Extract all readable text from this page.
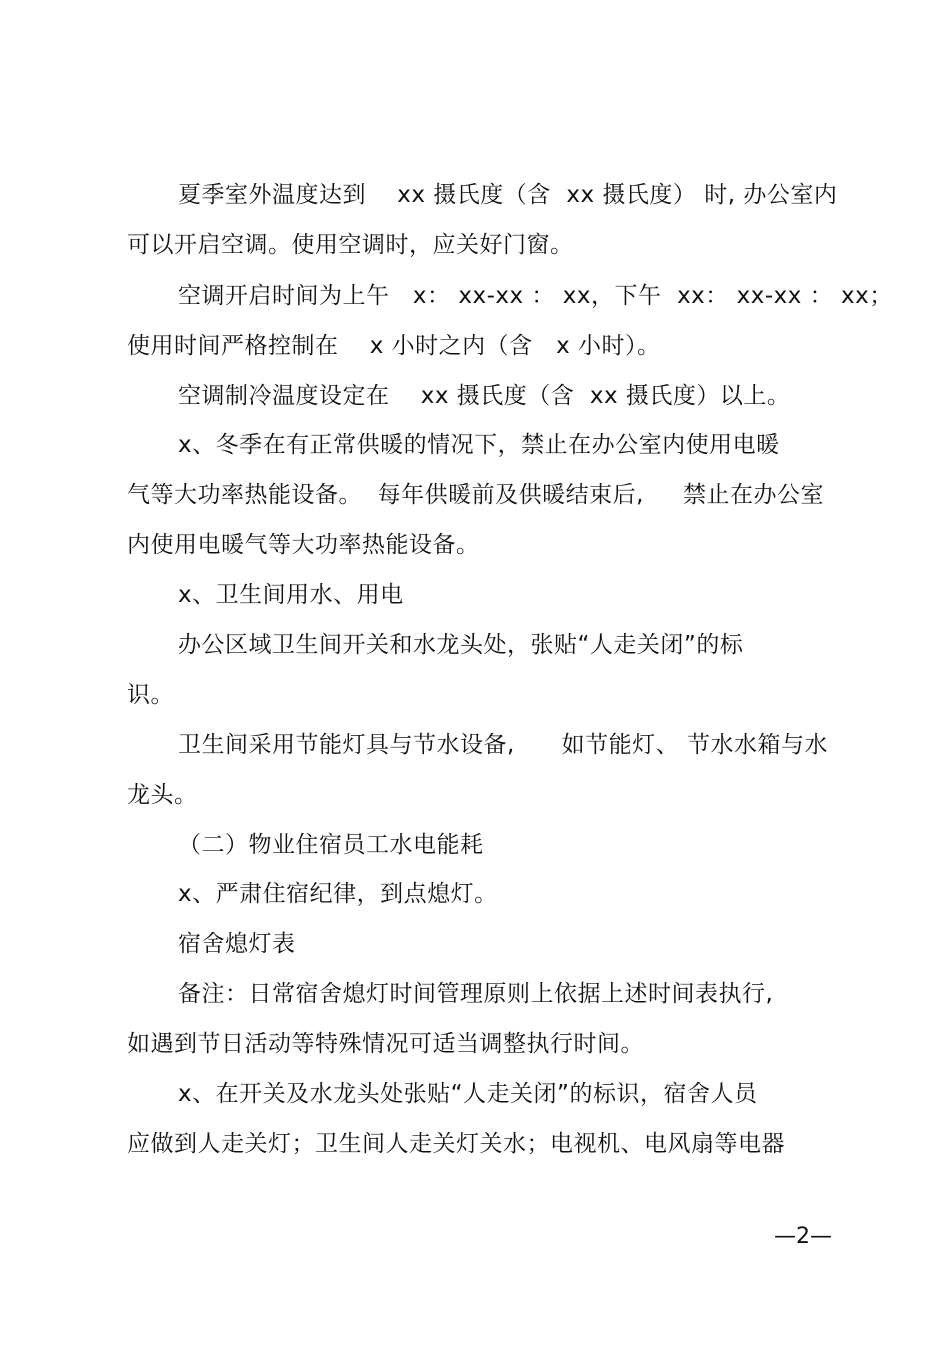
夏季室外温度达到    xx 摄氏度（含  xx 摄氏度） 时, 办公室内
可以开启空调。使用空调时，应关好门窗。
空调开启时间为上午   x： xx-xx ： xx，下午  xx： xx-xx ： xx；
使用时间严格控制在    x 小时之内（含   x 小时）。
空调制冷温度设定在    xx 摄氏度（含  xx 摄氏度）以上。
x、冬季在有正常供暖的情况下，禁止在办公室内使用电暖
气等大功率热能设备。  每年供暖前及供暖结束后,     禁止在办公室
内使用电暖气等大功率热能设备。
x、卫生间用水、用电
办公区域卫生间开关和水龙头处，张贴“人走关闭”的标
识。
卫生间采用节能灯具与节水设备,      如节能灯、 节水水箱与水
龙头。
（二）物业住宿员工水电能耗
x、严肃住宿纪律，到点熄灯。
宿舍熄灯表
备注：日常宿舍熄灯时间管理原则上依据上述时间表执行,
如遇到节日活动等特殊情况可适当调整执行时间。
x、在开关及水龙头处张贴“人走关闭”的标识，宿舍人员
应做到人走关灯；卫生间人走关灯关水；电视机、电风扇等电器
—2—
